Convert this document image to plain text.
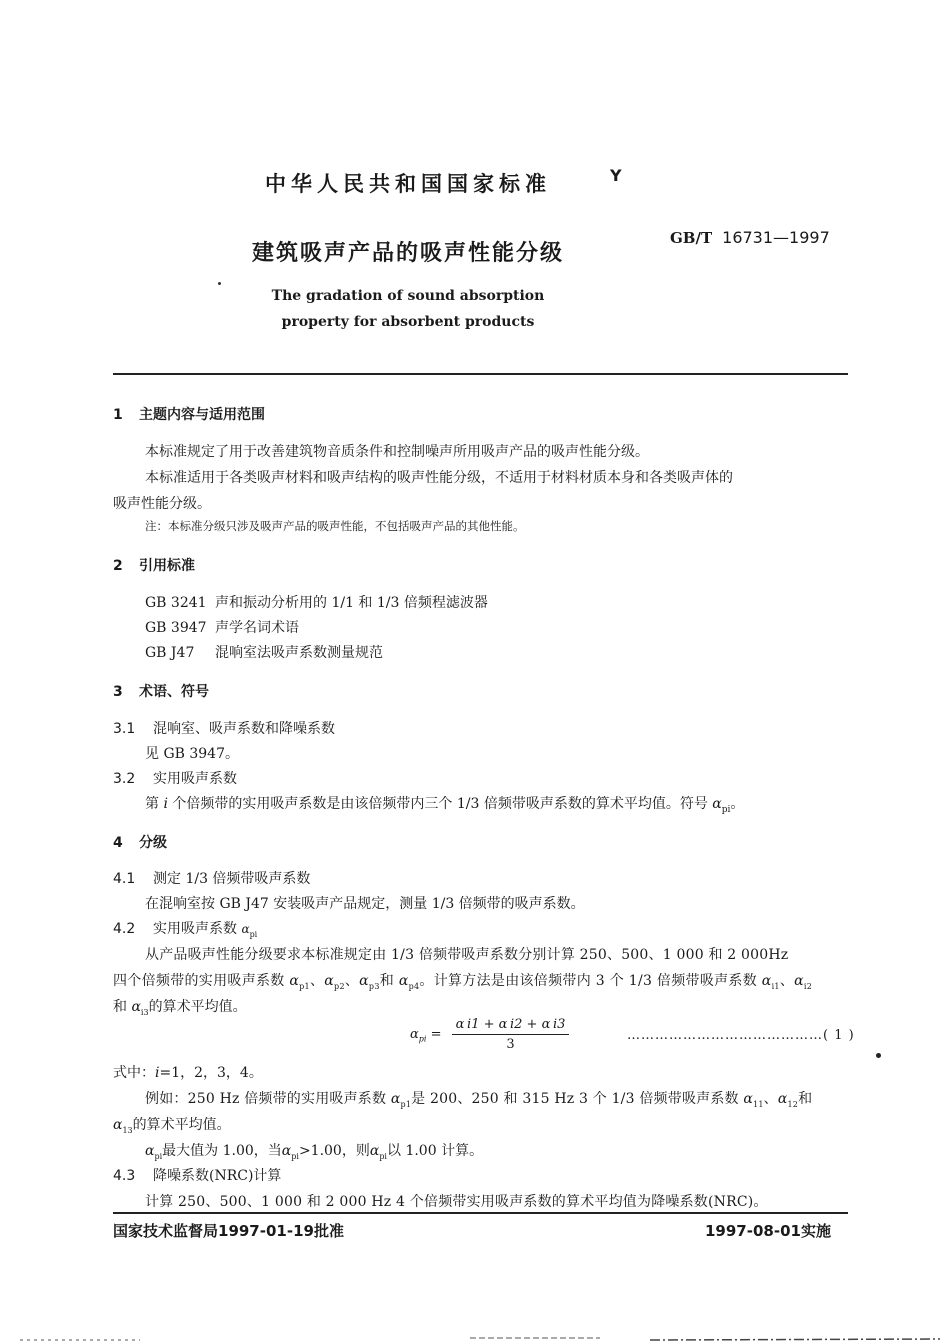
中华人民共和国国家标准	Y
GB/T 16731—1997
建筑吸声产品的吸声性能分级
The gradation of sound absorption
property for absorbent products
1 主题内容与适用范围
本标准规定了用于改善建筑物音质条件和控制噪声所用吸声产品的吸声性能分级。
本标准适用于各类吸声材料和吸声结构的吸声性能分级，不适用于材料材质本身和各类吸声体的
吸声性能分级。
注：本标准分级只涉及吸声产品的吸声性能，不包括吸声产品的其他性能。
2 引用标准
GB 3241 声和振动分析用的 1/1 和 1/3 倍频程滤波器
GB 3947 声学名词术语
GB J47 混响室法吸声系数测量规范
3 术语、符号
3.1 混响室、吸声系数和降噪系数
见 GB 3947。
3.2 实用吸声系数
第 i 个倍频带的实用吸声系数是由该倍频带内三个 1/3 倍频带吸声系数的算术平均值。符号 $\alpha_{pi}$。
4 分级
4.1 测定 1/3 倍频带吸声系数
在混响室按 GB J47 安装吸声产品规定，测量 1/3 倍频带的吸声系数。
4.2 实用吸声系数 $\alpha_{pi}$
从产品吸声性能分级要求本标准规定由 1/3 倍频带吸声系数分别计算 250、500、1 000 和 2 000Hz
四个倍频带的实用吸声系数 $\alpha_{p1}$、$\alpha_{p2}$、$\alpha_{p3}$和 $\alpha_{p4}$。计算方法是由该倍频带内 3 个 1/3 倍频带吸声系数 $\alpha_{i1}$、$\alpha_{i2}$
和 $\alpha_{i3}$的算术平均值。
$\alpha_{pi} = \frac{\text{α i1 + α i2 + α i3}}{3}$	……………………………………( 1 )
式中：i=1，2，3，4。
例如：250 Hz 倍频带的实用吸声系数 $\alpha_{p1}$是 200、250 和 315 Hz 3 个 1/3 倍频带吸声系数 $\alpha_{11}$、$\alpha_{12}$和
$\alpha_{13}$的算术平均值。
$\alpha_{pi}$最大值为 1.00，当$\alpha_{pi}>1.00$，则$\alpha_{pi}$以 1.00 计算。
4.3 降噪系数(NRC)计算
计算 250、500、1 000 和 2 000 Hz 4 个倍频带实用吸声系数的算术平均值为降噪系数(NRC)。
国家技术监督局1997-01-19批准	1997-08-01实施
